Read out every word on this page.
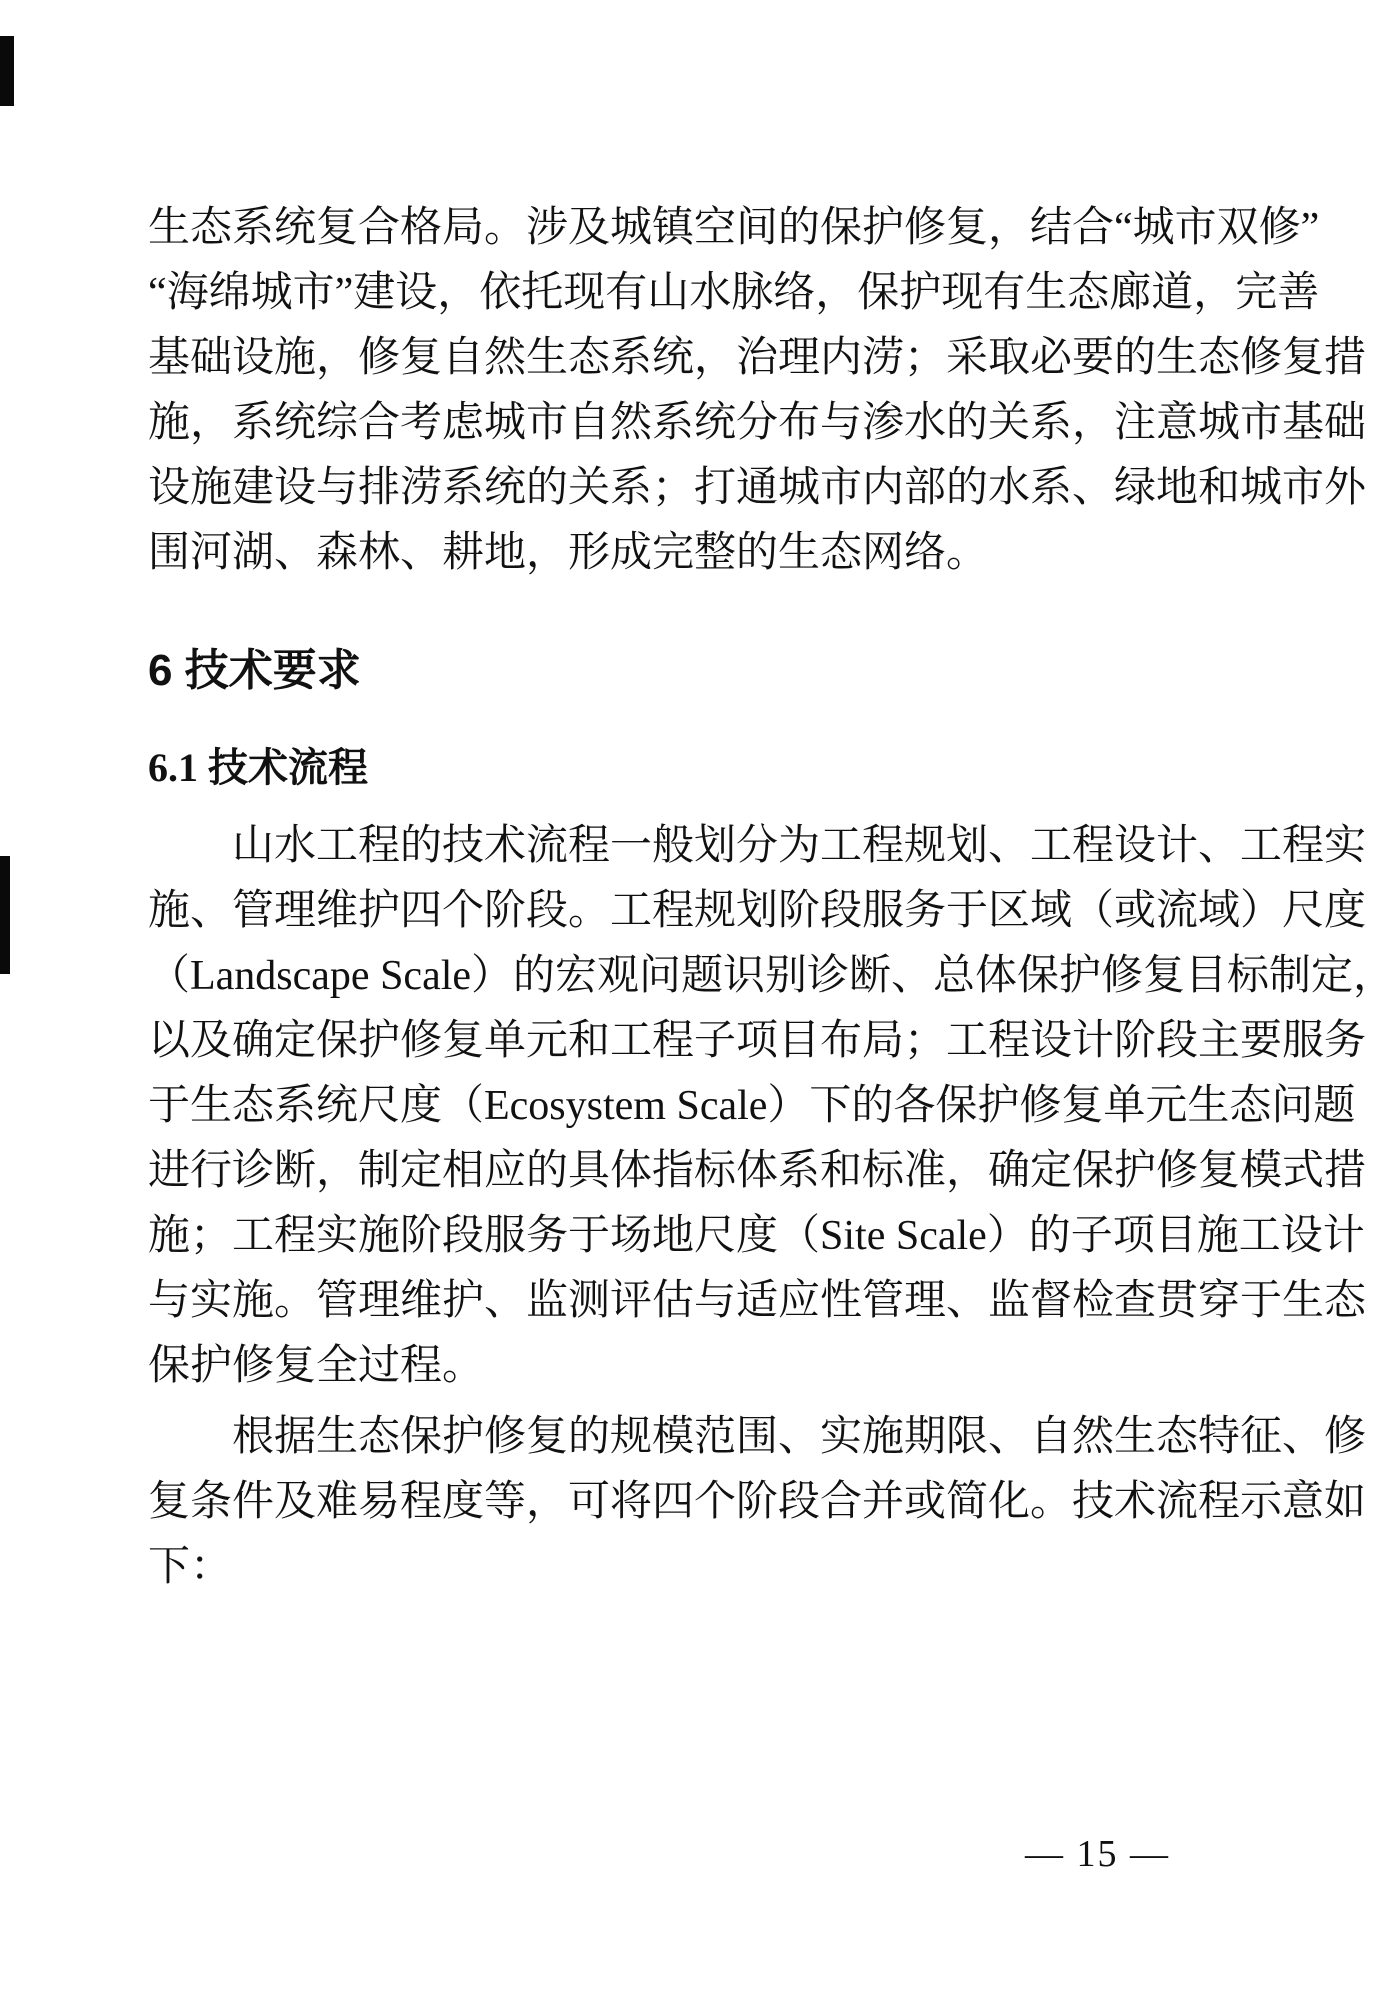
生态系统复合格局。涉及城镇空间的保护修复，结合“城市双修”
“海绵城市”建设，依托现有山水脉络，保护现有生态廊道，完善
基础设施，修复自然生态系统，治理内涝；采取必要的生态修复措
施，系统综合考虑城市自然系统分布与渗水的关系，注意城市基础
设施建设与排涝系统的关系；打通城市内部的水系、绿地和城市外
围河湖、森林、耕地，形成完整的生态网络。
6 技术要求
6.1 技术流程
山水工程的技术流程一般划分为工程规划、工程设计、工程实
施、管理维护四个阶段。工程规划阶段服务于区域（或流域）尺度
（Landscape Scale）的宏观问题识别诊断、总体保护修复目标制定，
以及确定保护修复单元和工程子项目布局；工程设计阶段主要服务
于生态系统尺度（Ecosystem Scale）下的各保护修复单元生态问题
进行诊断，制定相应的具体指标体系和标准，确定保护修复模式措
施；工程实施阶段服务于场地尺度（Site Scale）的子项目施工设计
与实施。管理维护、监测评估与适应性管理、监督检查贯穿于生态
保护修复全过程。
根据生态保护修复的规模范围、实施期限、自然生态特征、修
复条件及难易程度等，可将四个阶段合并或简化。技术流程示意如
下：
— 15 —
